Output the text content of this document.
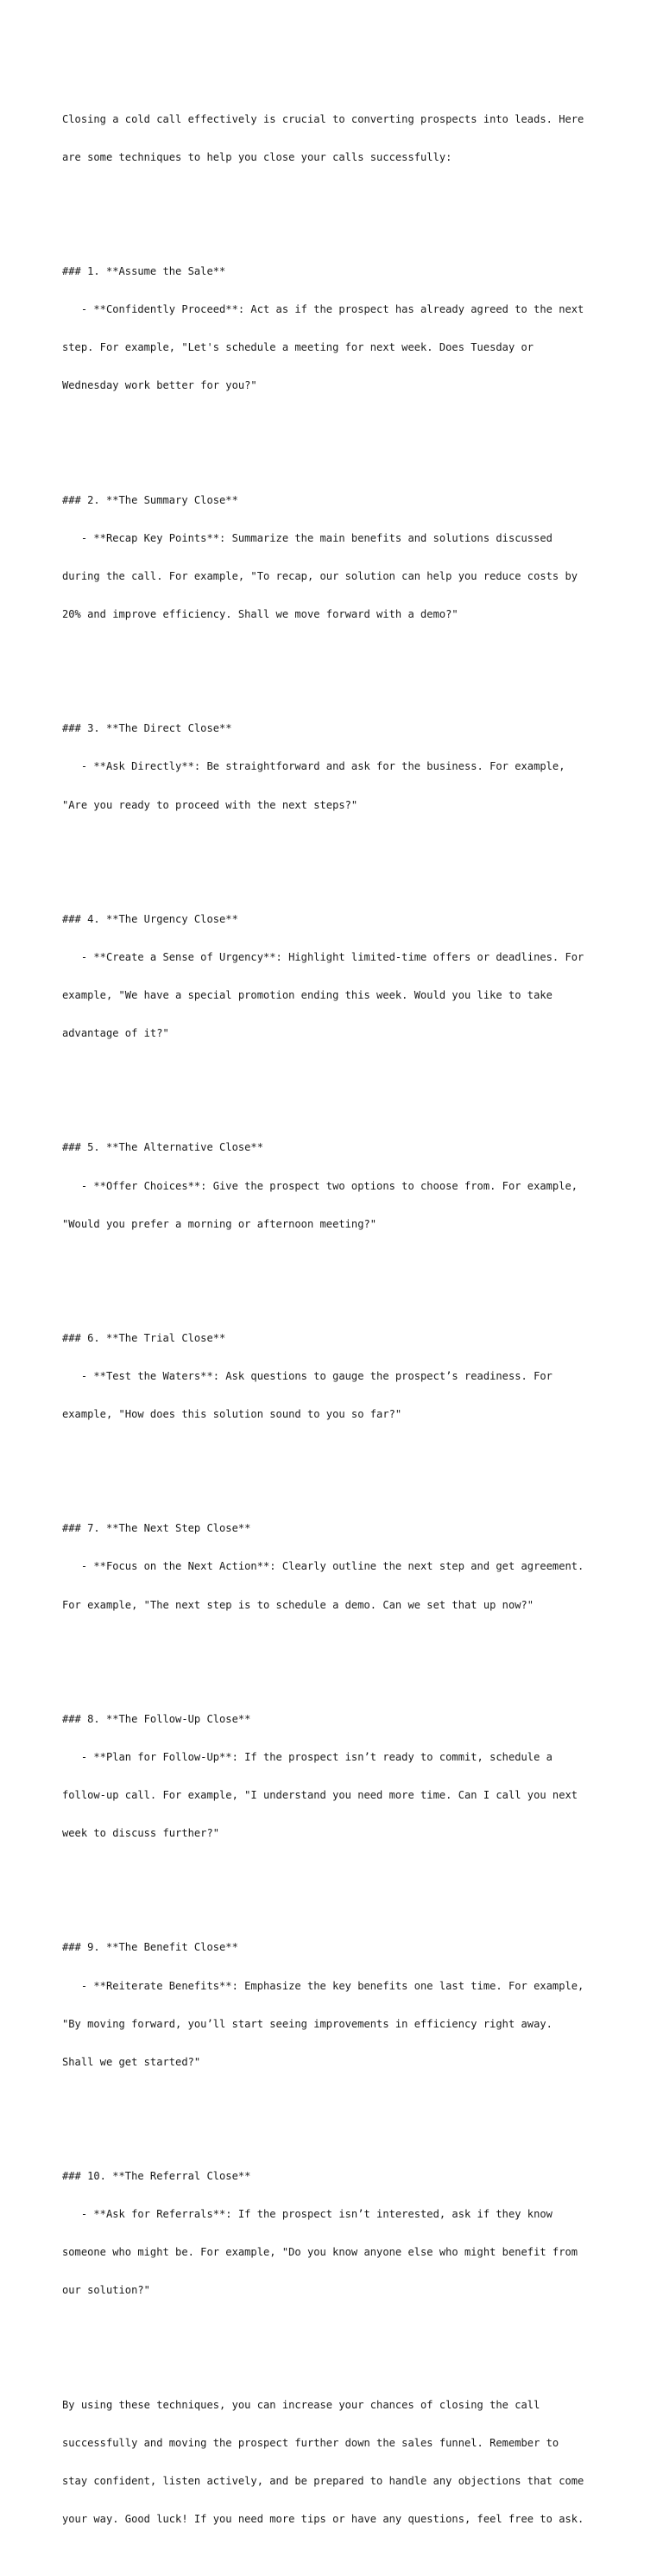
Closing a cold call effectively is crucial to converting prospects into leads. Here

are some techniques to help you close your calls successfully:

### 1. **Assume the Sale**

- **Confidently Proceed**: Act as if the prospect has already agreed to the next

step. For example, "Let's schedule a meeting for next week. Does Tuesday or

Wednesday work better for you?"

### 2. **The Summary Close**

- **Recap Key Points**: Summarize the main benefits and solutions discussed

during the call. For example, "To recap, our solution can help you reduce costs by

20% and improve efficiency. Shall we move forward with a demo?"

### 3. **The Direct Close**

- **Ask Directly**: Be straightforward and ask for the business. For example,

"Are you ready to proceed with the next steps?"

### 4. **The Urgency Close**

- **Create a Sense of Urgency**: Highlight limited-time offers or deadlines. For

example, "We have a special promotion ending this week. Would you like to take

advantage of it?"

### 5. **The Alternative Close**

- **Offer Choices**: Give the prospect two options to choose from. For example,

"Would you prefer a morning or afternoon meeting?"

### 6. **The Trial Close**

- **Test the Waters**: Ask questions to gauge the prospect’s readiness. For

example, "How does this solution sound to you so far?"

### 7. **The Next Step Close**

- **Focus on the Next Action**: Clearly outline the next step and get agreement.

For example, "The next step is to schedule a demo. Can we set that up now?"

### 8. **The Follow-Up Close**

- **Plan for Follow-Up**: If the prospect isn’t ready to commit, schedule a

follow-up call. For example, "I understand you need more time. Can I call you next

week to discuss further?"

### 9. **The Benefit Close**

- **Reiterate Benefits**: Emphasize the key benefits one last time. For example,

"By moving forward, you’ll start seeing improvements in efficiency right away.

Shall we get started?"

### 10. **The Referral Close**

- **Ask for Referrals**: If the prospect isn’t interested, ask if they know

someone who might be. For example, "Do you know anyone else who might benefit from

our solution?"

By using these techniques, you can increase your chances of closing the call

successfully and moving the prospect further down the sales funnel. Remember to

stay confident, listen actively, and be prepared to handle any objections that come

your way. Good luck! If you need more tips or have any questions, feel free to ask.
